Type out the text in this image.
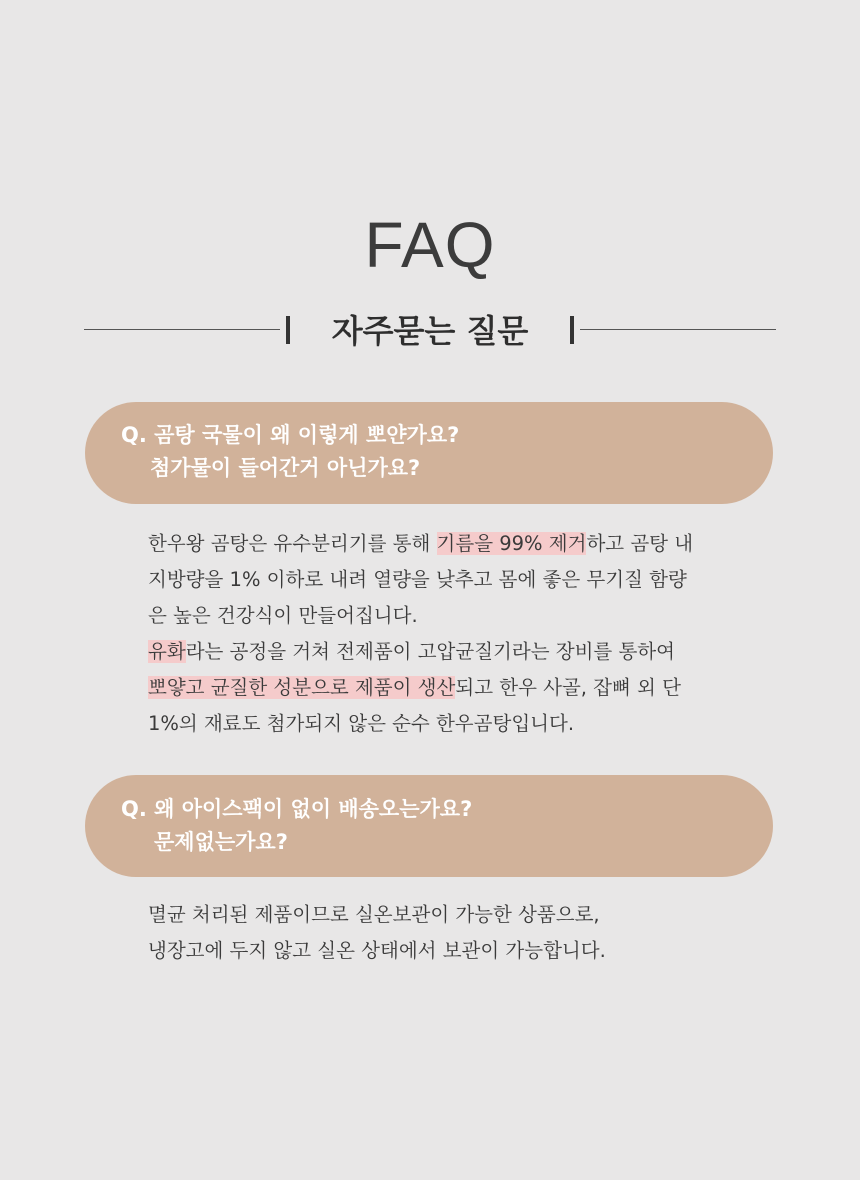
FAQ
자주묻는 질문
Q. 곰탕 국물이 왜 이렇게 뽀얀가요?
첨가물이 들어간거 아닌가요?
한우왕 곰탕은 유수분리기를 통해 기름을 99% 제거하고 곰탕 내
지방량을 1% 이하로 내려 열량을 낮추고 몸에 좋은 무기질 함량
은 높은 건강식이 만들어집니다.
유화라는 공정을 거쳐 전제품이 고압균질기라는 장비를 통하여
뽀얗고 균질한 성분으로 제품이 생산되고 한우 사골, 잡뼈 외 단
1%의 재료도 첨가되지 않은 순수 한우곰탕입니다.
Q. 왜 아이스팩이 없이 배송오는가요?
문제없는가요?
멸균 처리된 제품이므로 실온보관이 가능한 상품으로,
냉장고에 두지 않고 실온 상태에서 보관이 가능합니다.
